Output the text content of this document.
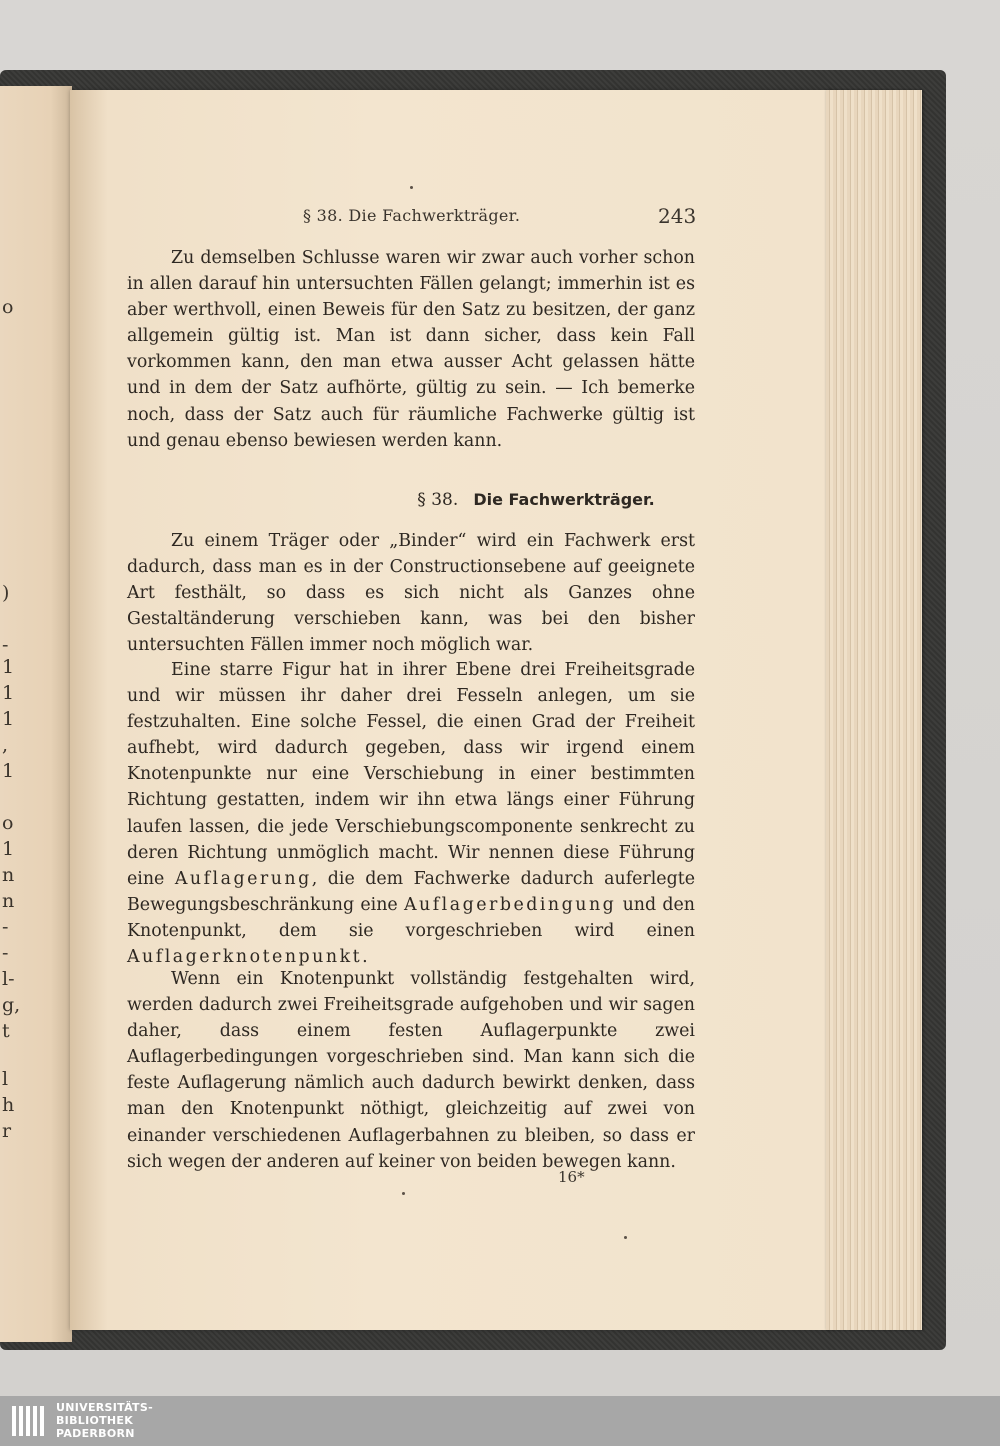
o
)
-
1
1
1
,
1
o
1
n
n
-
-
l-
g,
t
l
h
r
§ 38. Die Fachwerkträger.	243

Zu demselben Schlusse waren wir zwar auch vorher schon in allen darauf hin untersuchten Fällen gelangt; immerhin ist es aber werthvoll, einen Beweis für den Satz zu besitzen, der ganz allgemein gültig ist. Man ist dann sicher, dass kein Fall vorkommen kann, den man etwa ausser Acht gelassen hätte und in dem der Satz aufhörte, gültig zu sein. — Ich bemerke noch, dass der Satz auch für räumliche Fachwerke gültig ist und genau ebenso bewiesen werden kann.

§ 38. Die Fachwerkträger.

Zu einem Träger oder „Binder“ wird ein Fachwerk erst dadurch, dass man es in der Constructionsebene auf geeignete Art festhält, so dass es sich nicht als Ganzes ohne Gestaltänderung verschieben kann, was bei den bisher untersuchten Fällen immer noch möglich war.

Eine starre Figur hat in ihrer Ebene drei Freiheitsgrade und wir müssen ihr daher drei Fesseln anlegen, um sie festzuhalten. Eine solche Fessel, die einen Grad der Freiheit aufhebt, wird dadurch gegeben, dass wir irgend einem Knotenpunkte nur eine Verschiebung in einer bestimmten Richtung gestatten, indem wir ihn etwa längs einer Führung laufen lassen, die jede Verschiebungscomponente senkrecht zu deren Richtung unmöglich macht. Wir nennen diese Führung eine Auflagerung, die dem Fachwerke dadurch auferlegte Bewegungsbeschränkung eine Auflagerbedingung und den Knotenpunkt, dem sie vorgeschrieben wird einen Auflagerknotenpunkt.

Wenn ein Knotenpunkt vollständig festgehalten wird, werden dadurch zwei Freiheitsgrade aufgehoben und wir sagen daher, dass einem festen Auflagerpunkte zwei Auflagerbedingungen vorgeschrieben sind. Man kann sich die feste Auflagerung nämlich auch dadurch bewirkt denken, dass man den Knotenpunkt nöthigt, gleichzeitig auf zwei von einander verschiedenen Auflagerbahnen zu bleiben, so dass er sich wegen der anderen auf keiner von beiden bewegen kann.

16*
UNIVERSITÄTS-
BIBLIOTHEK
PADERBORN
